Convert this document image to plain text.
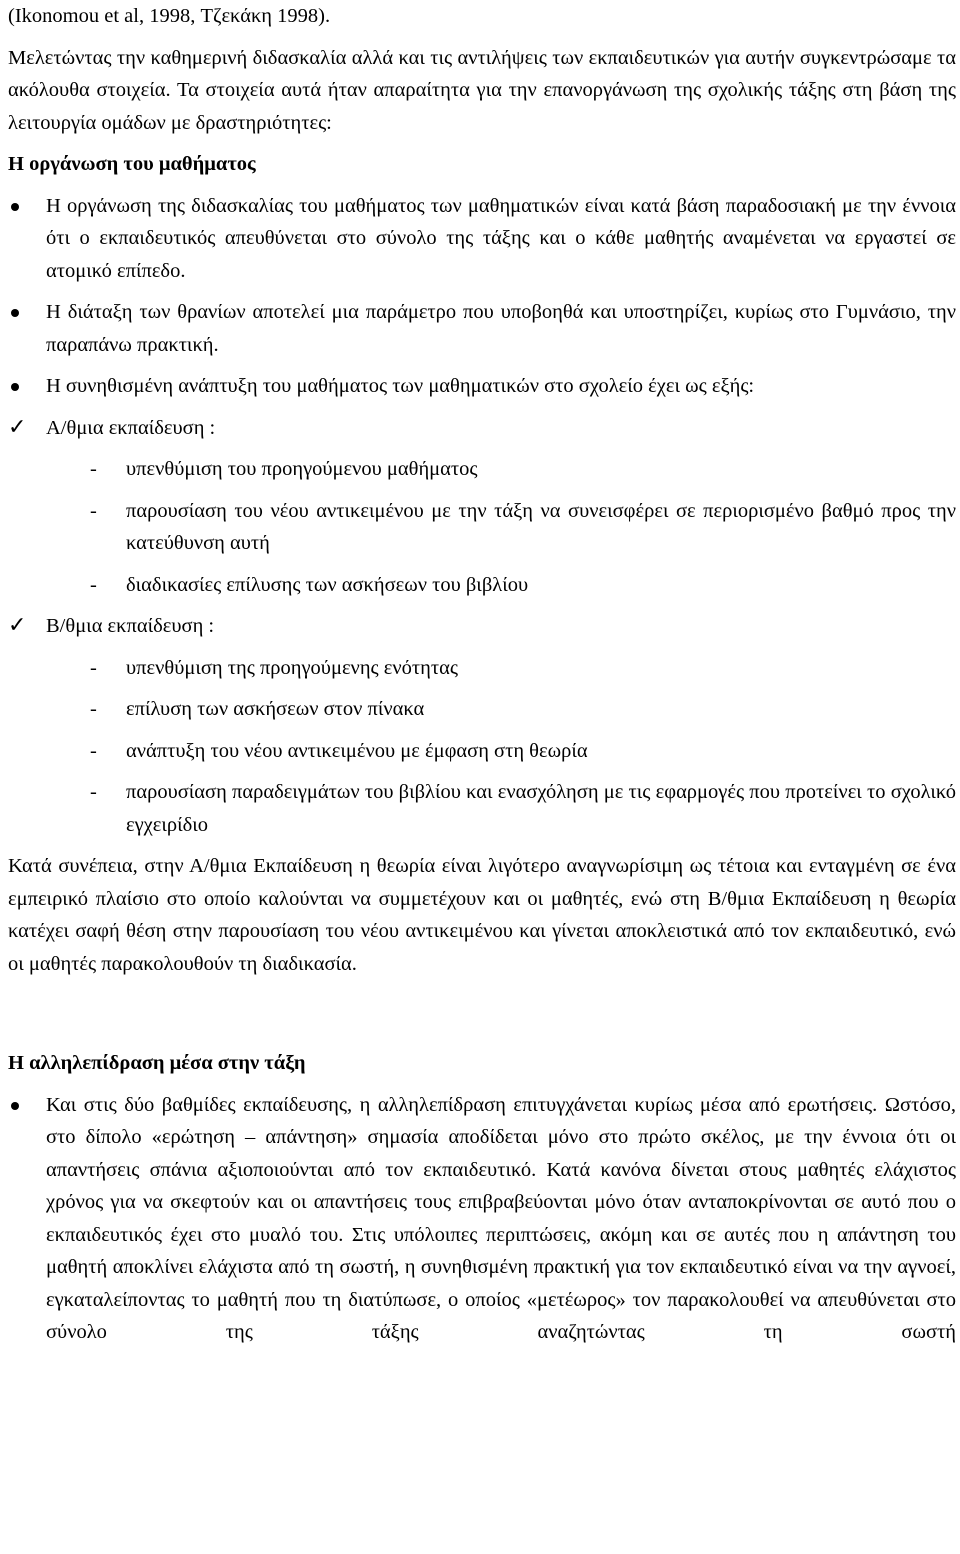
(Ikonomou et al, 1998, Τζεκάκη 1998).

Μελετώντας την καθημερινή διδασκαλία αλλά και τις αντιλήψεις των εκπαιδευτικών για αυτήν συγκεντρώσαμε τα ακόλουθα στοιχεία. Τα στοιχεία αυτά ήταν απαραίτητα για την επανοργάνωση της σχολικής τάξης στη βάση της λειτουργία ομάδων με δραστηριότητες:

Η οργάνωση του μαθήματος

Η οργάνωση της διδασκαλίας του μαθήματος των μαθηματικών είναι κατά βάση παραδοσιακή με την έννοια ότι ο εκπαιδευτικός απευθύνεται στο σύνολο της τάξης και ο κάθε μαθητής αναμένεται να εργαστεί σε ατομικό επίπεδο.

Η διάταξη των θρανίων αποτελεί μια παράμετρο που υποβοηθά και υποστηρίζει, κυρίως στο Γυμνάσιο, την παραπάνω πρακτική.

Η συνηθισμένη ανάπτυξη του μαθήματος των μαθηματικών στο σχολείο έχει ως εξής:

✓ Α/θμια εκπαίδευση :

- υπενθύμιση του προηγούμενου μαθήματος

- παρουσίαση του νέου αντικειμένου με την τάξη να συνεισφέρει σε περιορισμένο βαθμό προς την κατεύθυνση αυτή

- διαδικασίες επίλυσης των ασκήσεων του βιβλίου

✓ Β/θμια εκπαίδευση :

- υπενθύμιση της προηγούμενης ενότητας

- επίλυση των ασκήσεων στον πίνακα

- ανάπτυξη του νέου αντικειμένου με έμφαση στη θεωρία

- παρουσίαση παραδειγμάτων του βιβλίου και ενασχόληση με τις εφαρμογές που προτείνει το σχολικό εγχειρίδιο

Κατά συνέπεια, στην Α/θμια Εκπαίδευση η θεωρία είναι λιγότερο αναγνωρίσιμη ως τέτοια και ενταγμένη σε ένα εμπειρικό πλαίσιο στο οποίο καλούνται να συμμετέχουν και οι μαθητές, ενώ στη Β/θμια Εκπαίδευση η θεωρία κατέχει σαφή θέση στην παρουσίαση του νέου αντικειμένου και γίνεται αποκλειστικά από τον εκπαιδευτικό, ενώ οι μαθητές παρακολουθούν τη διαδικασία.

Η αλληλεπίδραση μέσα στην τάξη

Και στις δύο βαθμίδες εκπαίδευσης, η αλληλεπίδραση επιτυγχάνεται κυρίως μέσα από ερωτήσεις. Ωστόσο, στο δίπολο «ερώτηση – απάντηση» σημασία αποδίδεται μόνο στο πρώτο σκέλος, με την έννοια ότι οι απαντήσεις σπάνια αξιοποιούνται από τον εκπαιδευτικό. Κατά κανόνα δίνεται στους μαθητές ελάχιστος χρόνος για να σκεφτούν και οι απαντήσεις τους επιβραβεύονται μόνο όταν ανταποκρίνονται σε αυτό που ο εκπαιδευτικός έχει στο μυαλό του. Στις υπόλοιπες περιπτώσεις, ακόμη και σε αυτές που η απάντηση του μαθητή αποκλίνει ελάχιστα από τη σωστή, η συνηθισμένη πρακτική για τον εκπαιδευτικό είναι να την αγνοεί, εγκαταλείποντας το μαθητή που τη διατύπωσε, ο οποίος «μετέωρος» τον παρακολουθεί να απευθύνεται στο σύνολο της τάξης αναζητώντας τη σωστή
